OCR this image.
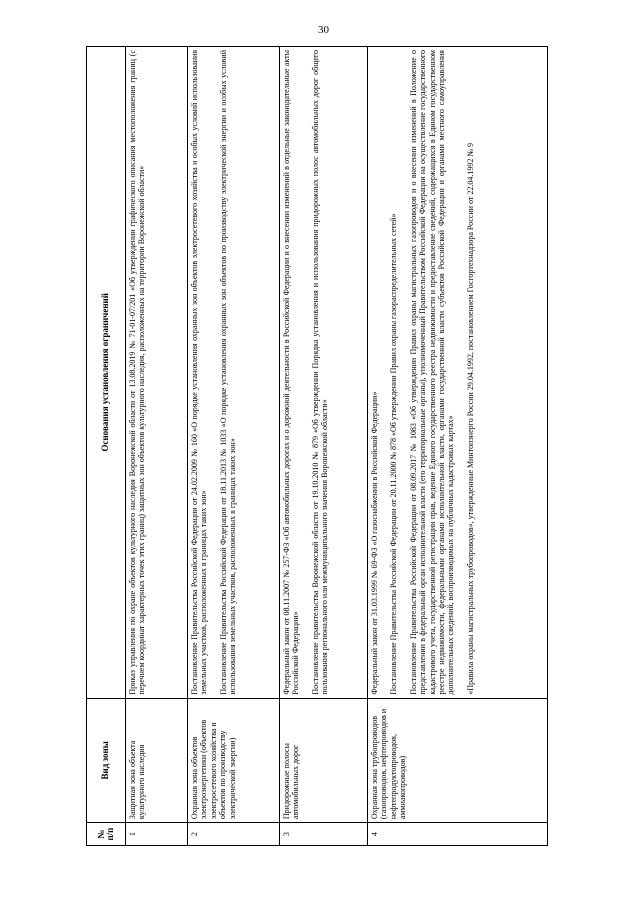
30
№ п/п	Вид зоны	Основания установления ограничений
1	Защитная зона объекта культурного наследия	Приказ управления по охране объектов культурного наследия Воронежской области от 13.08.2019 № 71-01-07/201 «Об утверждении графического описания местоположения границ (с перечнем координат характерных точек этих границ) защитных зон объектов культурного наследия, расположенных на территории Воронежской области»

2	Охранная зона объектов электроэнергетики (объектов электросетевого хозяйства и объектов по производству электрической энергии)	Постановление Правительства Российской Федерации от 24.02.2009 № 160 «О порядке установления охранных зон объектов электросетевого хозяйства и особых условий использования земельных участков, расположенных в границах таких зон» Постановление Правительства Российской Федерации от 18.11.2013 № 1033 «О порядке установления охранных зон объектов по производству электрической энергии и особых условий использования земельных участков, расположенных в границах таких зон»

3	Придорожные полосы автомобильных дорог	Федеральный закон от 08.11.2007 № 257-ФЗ «Об автомобильных дорогах и о дорожной деятельности в Российской Федерации и о внесении изменений в отдельные законодательные акты Российской Федерации» Постановление правительства Воронежской области от 19.10.2010 № 879 «Об утверждении Порядка установления и использования придорожных полос автомобильных дорог общего пользования регионального или межмуниципального значения Воронежской области»

4	Охранная зона трубопроводов (газопроводов, нефтепроводов и нефтепродуктопроводов, аммиакопроводов)	Федеральный закон от 31.03.1999 № 69-ФЗ «О газоснабжении в Российской Федерации» Постановление Правительства Российской Федерации от 20.11.2000 № 878 «Об утверждении Правил охраны газораспределительных сетей» Постановление Правительства Российской Федерации от 08.09.2017 № 1083 «Об утверждении Правил охраны магистральных газопроводов и о внесении изменений в Положение о представлении в федеральный орган исполнительной власти (его территориальные органы), уполномоченный Правительством Российской Федерации на осуществление государственного кадастрового учета, государственной регистрации прав, ведение Единого государственного реестра недвижимости и предоставление сведений, содержащихся в Едином государственном реестре недвижимости, федеральными органами исполнительной власти, органами государственной власти субъектов Российской Федерации и органами местного самоуправления дополнительных сведений, воспроизводимых на публичных кадастровых картах» «Правила охраны магистральных трубопроводов», утвержденные Минтопэнерго России 29.04.1992, постановлением Госгортехнадзора России от 22.04.1992 № 9
